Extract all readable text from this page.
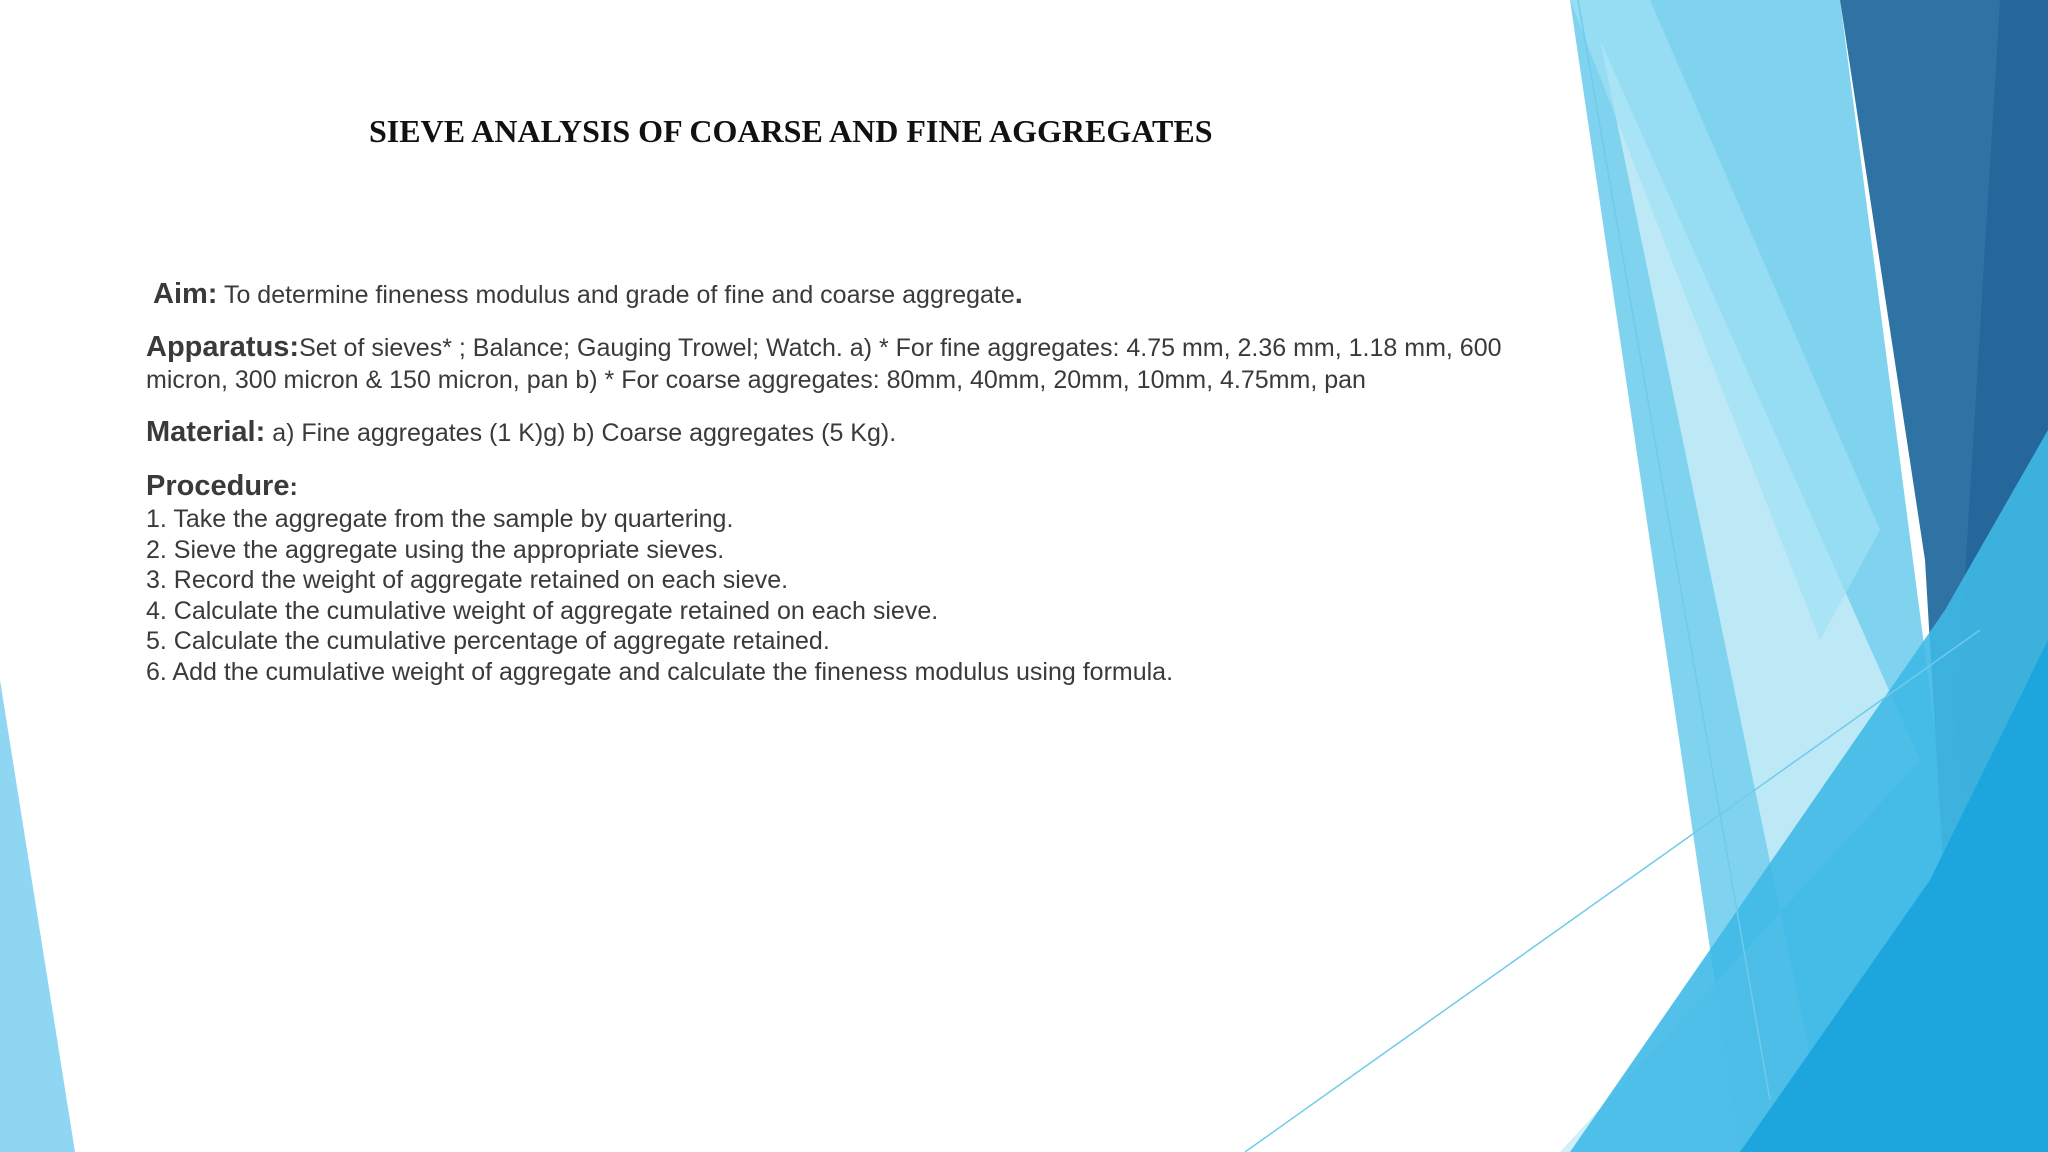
SIEVE ANALYSIS OF COARSE AND FINE AGGREGATES

Aim: To determine fineness modulus and grade of fine and coarse aggregate.

Apparatus:Set of sieves* ; Balance; Gauging Trowel; Watch. a) * For fine aggregates: 4.75 mm, 2.36 mm, 1.18 mm, 600 micron, 300 micron & 150 micron, pan b) * For coarse aggregates: 80mm, 40mm, 20mm, 10mm, 4.75mm, pan

Material: a) Fine aggregates (1 K)g) b) Coarse aggregates (5 Kg).

Procedure:
1. Take the aggregate from the sample by quartering.
2. Sieve the aggregate using the appropriate sieves.
3. Record the weight of aggregate retained on each sieve.
4. Calculate the cumulative weight of aggregate retained on each sieve.
5. Calculate the cumulative percentage of aggregate retained.
6. Add the cumulative weight of aggregate and calculate the fineness modulus using formula.
